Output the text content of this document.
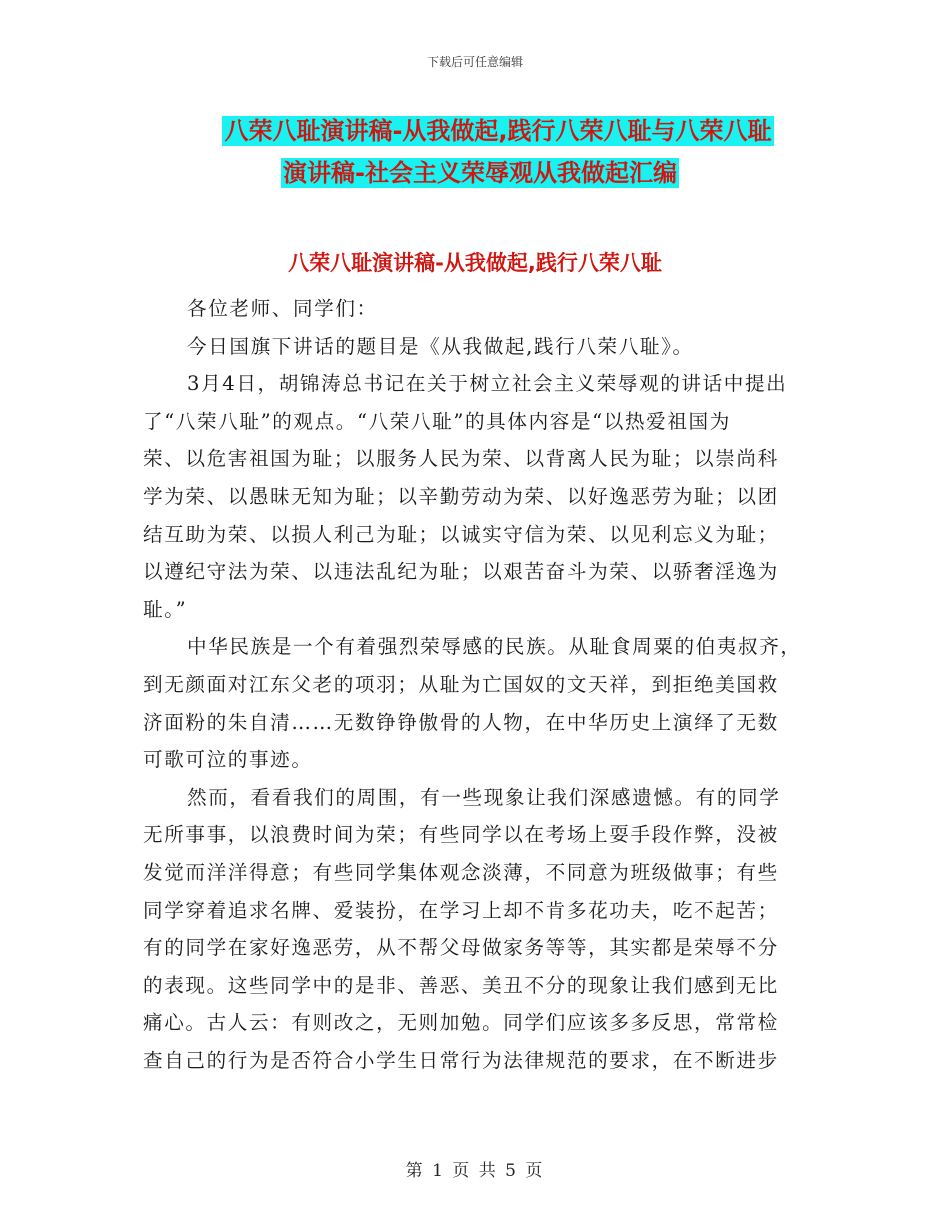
下载后可任意编辑
八荣八耻演讲稿-从我做起,践行八荣八耻与八荣八耻
演讲稿-社会主义荣辱观从我做起汇编
八荣八耻演讲稿-从我做起,践行八荣八耻
各位老师、同学们：
今日国旗下讲话的题目是《从我做起,践行八荣八耻》。
3月4日，胡锦涛总书记在关于树立社会主义荣辱观的讲话中提出
了“八荣八耻”的观点。“八荣八耻”的具体内容是“以热爱祖国为
荣、以危害祖国为耻；以服务人民为荣、以背离人民为耻；以崇尚科
学为荣、以愚昧无知为耻；以辛勤劳动为荣、以好逸恶劳为耻；以团
结互助为荣、以损人利己为耻；以诚实守信为荣、以见利忘义为耻；
以遵纪守法为荣、以违法乱纪为耻；以艰苦奋斗为荣、以骄奢淫逸为
耻。”
中华民族是一个有着强烈荣辱感的民族。从耻食周粟的伯夷叔齐，
到无颜面对江东父老的项羽；从耻为亡国奴的文天祥，到拒绝美国救
济面粉的朱自清……无数铮铮傲骨的人物，在中华历史上演绎了无数
可歌可泣的事迹。
然而，看看我们的周围，有一些现象让我们深感遗憾。有的同学
无所事事，以浪费时间为荣；有些同学以在考场上耍手段作弊，没被
发觉而洋洋得意；有些同学集体观念淡薄，不同意为班级做事；有些
同学穿着追求名牌、爱装扮，在学习上却不肯多花功夫，吃不起苦；
有的同学在家好逸恶劳，从不帮父母做家务等等，其实都是荣辱不分
的表现。这些同学中的是非、善恶、美丑不分的现象让我们感到无比
痛心。古人云：有则改之，无则加勉。同学们应该多多反思，常常检
查自己的行为是否符合小学生日常行为法律规范的要求，在不断进步
第 1 页 共 5 页
